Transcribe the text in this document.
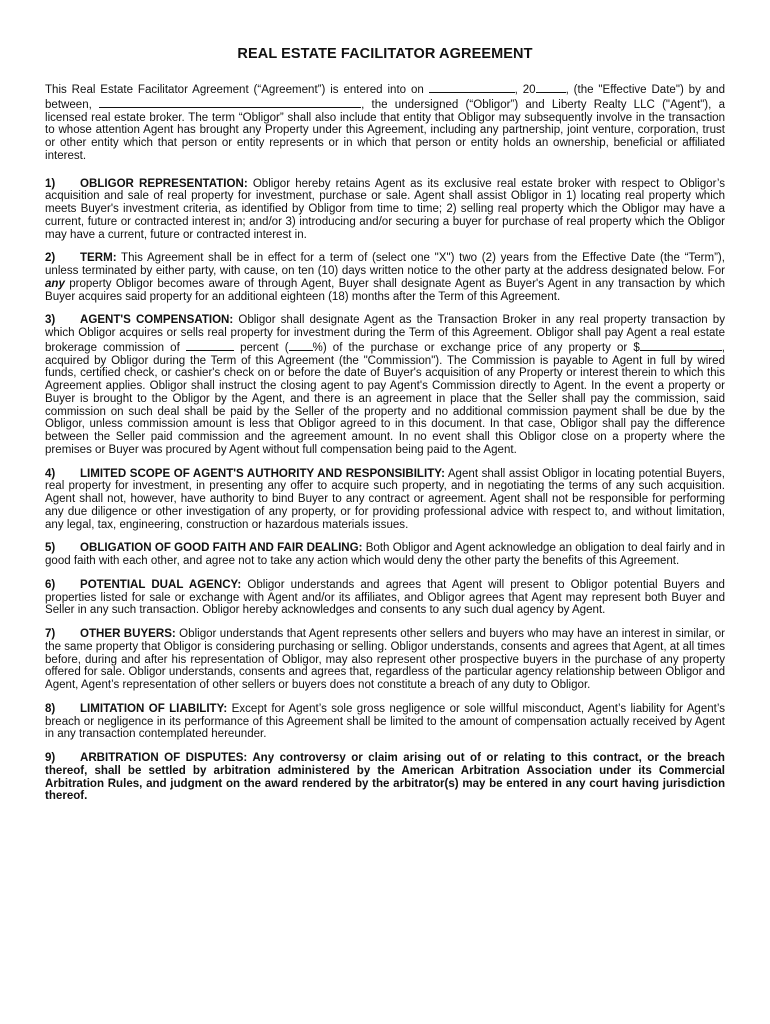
REAL ESTATE FACILITATOR AGREEMENT

This Real Estate Facilitator Agreement (“Agreement”) is entered into on	, 20	, (the "Effective Date") by and between,	, the undersigned (“Obligor”) and Liberty Realty LLC ("Agent"), a licensed real estate broker. The term “Obligor” shall also include that entity that Obligor may subsequently involve in the transaction to whose attention Agent has brought any Property under this Agreement, including any partnership, joint venture, corporation, trust or other entity which that person or entity represents or in which that person or entity holds an ownership, beneficial or affiliated interest.

1) OBLIGOR REPRESENTATION: Obligor hereby retains Agent as its exclusive real estate broker with respect to Obligor’s acquisition and sale of real property for investment, purchase or sale. Agent shall assist Obligor in 1) locating real property which meets Buyer's investment criteria, as identified by Obligor from time to time; 2) selling real property which the Obligor may have a current, future or contracted interest in; and/or 3) introducing and/or securing a buyer for purchase of real property which the Obligor may have a current, future or contracted interest in.

2) TERM: This Agreement shall be in effect for a term of (select one "X") two (2) years from the Effective Date (the “Term”), unless terminated by either party, with cause, on ten (10) days written notice to the other party at the address designated below. For any property Obligor becomes aware of through Agent, Buyer shall designate Agent as Buyer's Agent in any transaction by which Buyer acquires said property for an additional eighteen (18) months after the Term of this Agreement.

3) AGENT'S COMPENSATION: Obligor shall designate Agent as the Transaction Broker in any real property transaction by which Obligor acquires or sells real property for investment during the Term of this Agreement. Obligor shall pay Agent a real estate brokerage commission of	percent ( %) of the purchase or exchange price of any property or $	, acquired by Obligor during the Term of this Agreement (the "Commission"). The Commission is payable to Agent in full by wired funds, certified check, or cashier's check on or before the date of Buyer's acquisition of any Property or interest therein to which this Agreement applies. Obligor shall instruct the closing agent to pay Agent's Commission directly to Agent. In the event a property or Buyer is brought to the Obligor by the Agent, and there is an agreement in place that the Seller shall pay the commission, said commission on such deal shall be paid by the Seller of the property and no additional commission payment shall be due by the Obligor, unless commission amount is less that Obligor agreed to in this document. In that case, Obligor shall pay the difference between the Seller paid commission and the agreement amount. In no event shall this Obligor close on a property where the premises or Buyer was procured by Agent without full compensation being paid to the Agent.

4) LIMITED SCOPE OF AGENT'S AUTHORITY AND RESPONSIBILITY: Agent shall assist Obligor in locating potential Buyers, real property for investment, in presenting any offer to acquire such property, and in negotiating the terms of any such acquisition. Agent shall not, however, have authority to bind Buyer to any contract or agreement. Agent shall not be responsible for performing any due diligence or other investigation of any property, or for providing professional advice with respect to, and without limitation, any legal, tax, engineering, construction or hazardous materials issues.

5) OBLIGATION OF GOOD FAITH AND FAIR DEALING: Both Obligor and Agent acknowledge an obligation to deal fairly and in good faith with each other, and agree not to take any action which would deny the other party the benefits of this Agreement.

6) POTENTIAL DUAL AGENCY: Obligor understands and agrees that Agent will present to Obligor potential Buyers and properties listed for sale or exchange with Agent and/or its affiliates, and Obligor agrees that Agent may represent both Buyer and Seller in any such transaction. Obligor hereby acknowledges and consents to any such dual agency by Agent.

7) OTHER BUYERS: Obligor understands that Agent represents other sellers and buyers who may have an interest in similar, or the same property that Obligor is considering purchasing or selling. Obligor understands, consents and agrees that Agent, at all times before, during and after his representation of Obligor, may also represent other prospective buyers in the purchase of any property offered for sale. Obligor understands, consents and agrees that, regardless of the particular agency relationship between Obligor and Agent, Agent’s representation of other sellers or buyers does not constitute a breach of any duty to Obligor.

8) LIMITATION OF LIABILITY: Except for Agent’s sole gross negligence or sole willful misconduct, Agent’s liability for Agent’s breach or negligence in its performance of this Agreement shall be limited to the amount of compensation actually received by Agent in any transaction contemplated hereunder.

9) ARBITRATION OF DISPUTES: Any controversy or claim arising out of or relating to this contract, or the breach thereof, shall be settled by arbitration administered by the American Arbitration Association under its Commercial Arbitration Rules, and judgment on the award rendered by the arbitrator(s) may be entered in any court having jurisdiction thereof.
